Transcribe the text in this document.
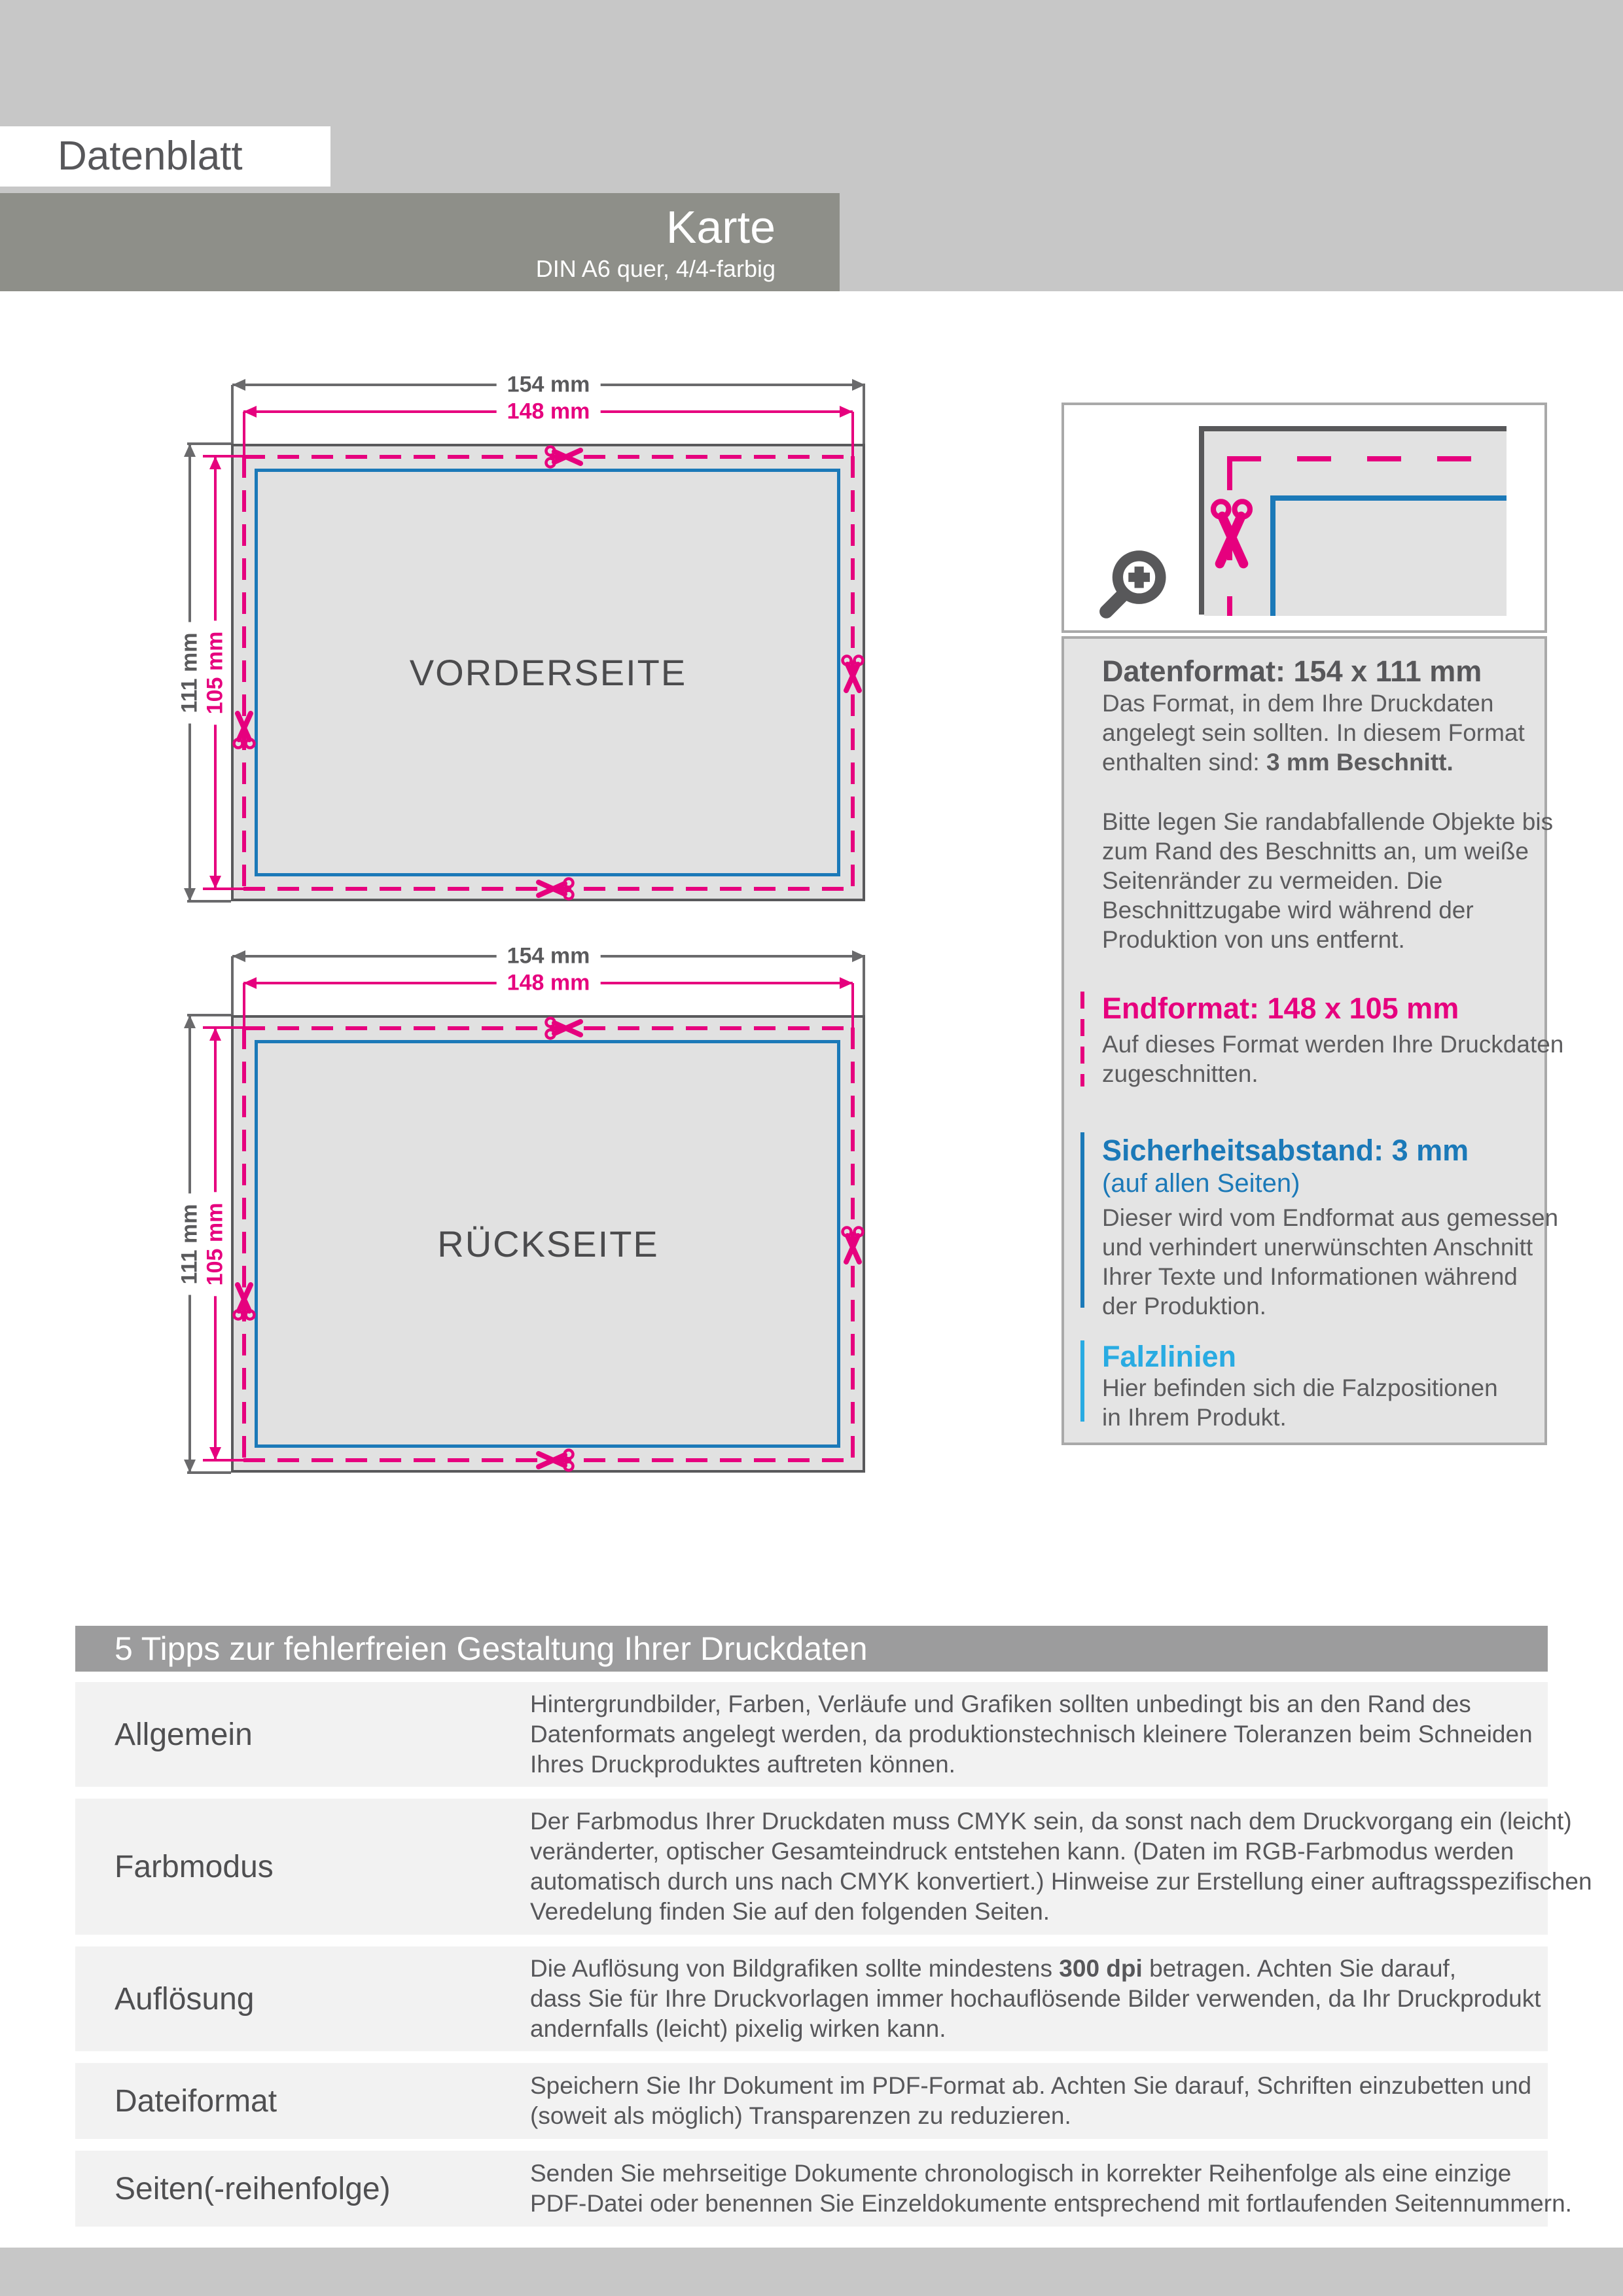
Datenblatt
Karte
DIN A6 quer, 4/4-farbig
VORDERSEITE
154 mm
148 mm
111 mm 105 mm
RÜCKSEITE
154 mm
148 mm
111 mm 105 mm
Datenformat: 154 x 111 mm
Das Format, in dem Ihre Druckdaten
angelegt sein sollten. In diesem Format
enthalten sind: 3 mm Beschnitt.
Bitte legen Sie randabfallende Objekte bis
zum Rand des Beschnitts an, um weiße
Seitenränder zu vermeiden. Die
Beschnittzugabe wird während der
Produktion von uns entfernt.
Endformat: 148 x 105 mm
Auf dieses Format werden Ihre Druckdaten
zugeschnitten.
Sicherheitsabstand: 3 mm
(auf allen Seiten)
Dieser wird vom Endformat aus gemessen
und verhindert unerwünschten Anschnitt
Ihrer Texte und Informationen während
der Produktion.
Falzlinien
Hier befinden sich die Falzpositionen
in Ihrem Produkt.
5 Tipps zur fehlerfreien Gestaltung Ihrer Druckdaten
Allgemein
Hintergrundbilder, Farben, Verläufe und Grafiken sollten unbedingt bis an den Rand des
Datenformats angelegt werden, da produktionstechnisch kleinere Toleranzen beim Schneiden
Ihres Druckproduktes auftreten können.
Farbmodus
Der Farbmodus Ihrer Druckdaten muss CMYK sein, da sonst nach dem Druckvorgang ein (leicht)
veränderter, optischer Gesamteindruck entstehen kann. (Daten im RGB-Farbmodus werden
automatisch durch uns nach CMYK konvertiert.) Hinweise zur Erstellung einer auftragsspezifischen
Veredelung finden Sie auf den folgenden Seiten.
Auflösung
Die Auflösung von Bildgrafiken sollte mindestens 300 dpi betragen. Achten Sie darauf,
dass Sie für Ihre Druckvorlagen immer hochauflösende Bilder verwenden, da Ihr Druckprodukt
andernfalls (leicht) pixelig wirken kann.
Dateiformat	Speichern Sie Ihr Dokument im PDF-Format ab. Achten Sie darauf, Schriften einzubetten und
(soweit als möglich) Transparenzen zu reduzieren.
Seiten(-reihenfolge)	Senden Sie mehrseitige Dokumente chronologisch in korrekter Reihenfolge als eine einzige
PDF-Datei oder benennen Sie Einzeldokumente entsprechend mit fortlaufenden Seitennummern.
